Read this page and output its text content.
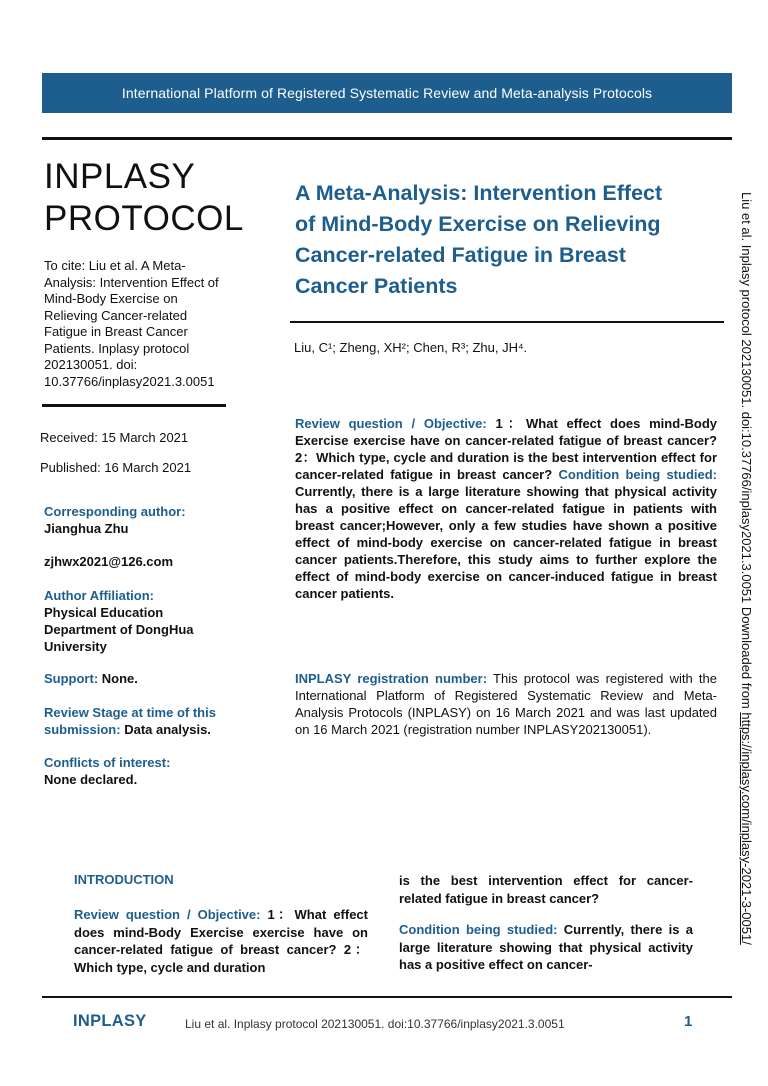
International Platform of Registered Systematic Review and Meta-analysis Protocols
INPLASY
PROTOCOL
To cite: Liu et al. A Meta-
Analysis: Intervention Effect of
Mind-Body Exercise on
Relieving Cancer-related
Fatigue in Breast Cancer
Patients. Inplasy protocol
202130051. doi:
10.37766/inplasy2021.3.0051
Received: 15 March 2021
Published: 16 March 2021
Corresponding author:
Jianghua Zhu
zjhwx2021@126.com
Author Affiliation:
Physical Education
Department of DongHua
University
Support: None.
Review Stage at time of this
submission: Data analysis.
Conflicts of interest:
None declared.
A Meta-Analysis: Intervention Effect
of Mind-Body Exercise on Relieving
Cancer-related Fatigue in Breast
Cancer Patients
Liu, C¹; Zheng, XH²; Chen, R³; Zhu, JH⁴.
Review question / Objective: 1：What effect does mind-Body Exercise exercise have on cancer-related fatigue of breast cancer? 2：Which type, cycle and duration is the best intervention effect for cancer-related fatigue in breast cancer? Condition being studied: Currently, there is a large literature showing that physical activity has a positive effect on cancer-related fatigue in patients with breast cancer;However, only a few studies have shown a positive effect of mind-body exercise on cancer-related fatigue in breast cancer patients.Therefore, this study aims to further explore the effect of mind-body exercise on cancer-induced fatigue in breast cancer patients.
INPLASY registration number: This protocol was registered with the International Platform of Registered Systematic Review and Meta-Analysis Protocols (INPLASY) on 16 March 2021 and was last updated on 16 March 2021 (registration number INPLASY202130051).
INTRODUCTION
Review question / Objective: 1：What effect does mind-Body Exercise exercise have on cancer-related fatigue of breast cancer? 2：Which type, cycle and duration
is the best intervention effect for cancer-related fatigue in breast cancer?
Condition being studied: Currently, there is a large literature showing that physical activity has a positive effect on cancer-
INPLASY	Liu et al. Inplasy protocol 202130051. doi:10.37766/inplasy2021.3.0051	1
Liu et al. Inplasy protocol 202130051. doi:10.37766/inplasy2021.3.0051 Downloaded from https://inplasy.com/inplasy-2021-3-0051/
